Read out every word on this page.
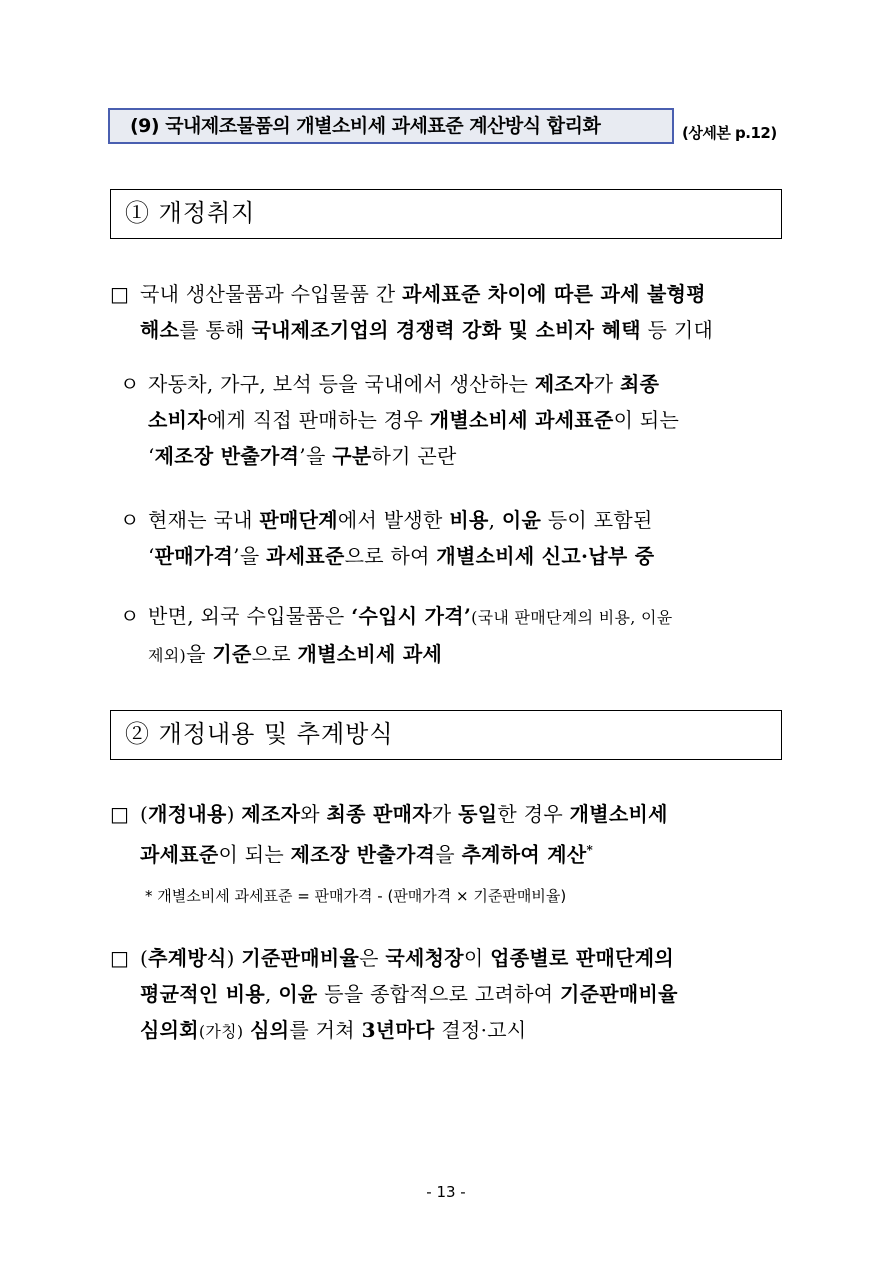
(9) 국내제조물품의 개별소비세 과세표준 계산방식 합리화	(상세본 p.12)
① 개정취지
□ 국내 생산물품과 수입물품 간 과세표준 차이에 따른 과세 불형평
해소를 통해 국내제조기업의 경쟁력 강화 및 소비자 혜택 등 기대
ㅇ 자동차, 가구, 보석 등을 국내에서 생산하는 제조자가 최종
소비자에게 직접 판매하는 경우 개별소비세 과세표준이 되는
‘제조장 반출가격’을 구분하기 곤란
ㅇ 현재는 국내 판매단계에서 발생한 비용, 이윤 등이 포함된
‘판매가격’을 과세표준으로 하여 개별소비세 신고·납부 중
ㅇ 반면, 외국 수입물품은 ‘수입시 가격’(국내 판매단계의 비용, 이윤
제외)을 기준으로 개별소비세 과세
② 개정내용 및 추계방식
□ (개정내용) 제조자와 최종 판매자가 동일한 경우 개별소비세
과세표준이 되는 제조장 반출가격을 추계하여 계산*
* 개별소비세 과세표준 = 판매가격 - (판매가격 × 기준판매비율)
□ (추계방식) 기준판매비율은 국세청장이 업종별로 판매단계의
평균적인 비용, 이윤 등을 종합적으로 고려하여 기준판매비율
심의회(가칭) 심의를 거쳐 3년마다 결정·고시
- 13 -
